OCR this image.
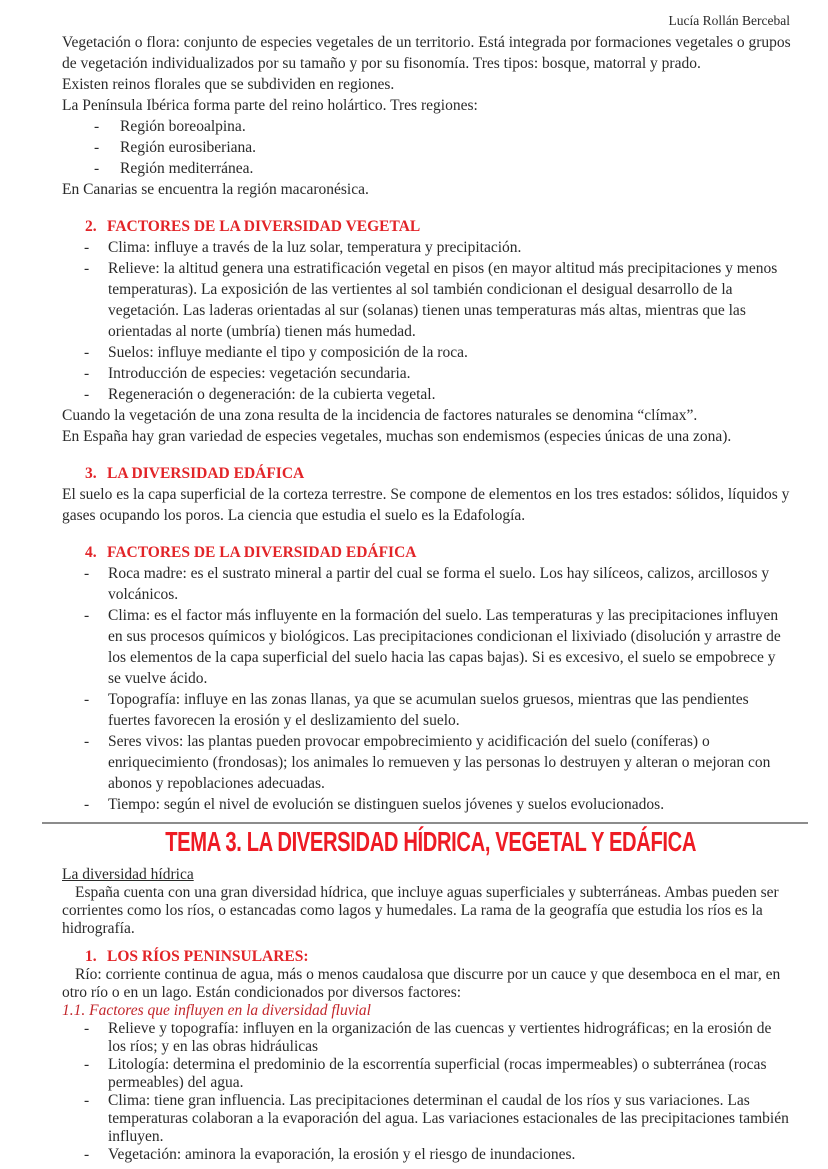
Lucía Rollán Bercebal

Vegetación o flora: conjunto de especies vegetales de un territorio. Está integrada por formaciones vegetales o grupos de vegetación individualizados por su tamaño y por su fisonomía. Tres tipos: bosque, matorral y prado.

Existen reinos florales que se subdividen en regiones.

La Península Ibérica forma parte del reino holártico. Tres regiones:

- Región boreoalpina.
- Región eurosiberiana.
- Región mediterránea.

En Canarias se encuentra la región macaronésica.

2. FACTORES DE LA DIVERSIDAD VEGETAL
- Clima: influye a través de la luz solar, temperatura y precipitación.
- Relieve: la altitud genera una estratificación vegetal en pisos (en mayor altitud más precipitaciones y menos temperaturas). La exposición de las vertientes al sol también condicionan el desigual desarrollo de la vegetación. Las laderas orientadas al sur (solanas) tienen unas temperaturas más altas, mientras que las orientadas al norte (umbría) tienen más humedad.
- Suelos: influye mediante el tipo y composición de la roca.
- Introducción de especies: vegetación secundaria.
- Regeneración o degeneración: de la cubierta vegetal.

Cuando la vegetación de una zona resulta de la incidencia de factores naturales se denomina “clímax”.

En España hay gran variedad de especies vegetales, muchas son endemismos (especies únicas de una zona).

3. LA DIVERSIDAD EDÁFICA

El suelo es la capa superficial de la corteza terrestre. Se compone de elementos en los tres estados: sólidos, líquidos y gases ocupando los poros. La ciencia que estudia el suelo es la Edafología.

4. FACTORES DE LA DIVERSIDAD EDÁFICA
- Roca madre: es el sustrato mineral a partir del cual se forma el suelo. Los hay silíceos, calizos, arcillosos y volcánicos.
- Clima: es el factor más influyente en la formación del suelo. Las temperaturas y las precipitaciones influyen en sus procesos químicos y biológicos. Las precipitaciones condicionan el lixiviado (disolución y arrastre de los elementos de la capa superficial del suelo hacia las capas bajas). Si es excesivo, el suelo se empobrece y se vuelve ácido.
- Topografía: influye en las zonas llanas, ya que se acumulan suelos gruesos, mientras que las pendientes fuertes favorecen la erosión y el deslizamiento del suelo.
- Seres vivos: las plantas pueden provocar empobrecimiento y acidificación del suelo (coníferas) o enriquecimiento (frondosas); los animales lo remueven y las personas lo destruyen y alteran o mejoran con abonos y repoblaciones adecuadas.
- Tiempo: según el nivel de evolución se distinguen suelos jóvenes y suelos evolucionados.
TEMA 3. LA DIVERSIDAD HÍDRICA, VEGETAL Y EDÁFICA
La diversidad hídrica

España cuenta con una gran diversidad hídrica, que incluye aguas superficiales y subterráneas. Ambas pueden ser corrientes como los ríos, o estancadas como lagos y humedales. La rama de la geografía que estudia los ríos es la hidrografía.

1. LOS RÍOS PENINSULARES:

Río: corriente continua de agua, más o menos caudalosa que discurre por un cauce y que desemboca en el mar, en otro río o en un lago. Están condicionados por diversos factores:

1.1. Factores que influyen en la diversidad fluvial
- Relieve y topografía: influyen en la organización de las cuencas y vertientes hidrográficas; en la erosión de los ríos; y en las obras hidráulicas
- Litología: determina el predominio de la escorrentía superficial (rocas impermeables) o subterránea (rocas permeables) del agua.
- Clima: tiene gran influencia. Las precipitaciones determinan el caudal de los ríos y sus variaciones. Las temperaturas colaboran a la evaporación del agua. Las variaciones estacionales de las precipitaciones también influyen.
- Vegetación: aminora la evaporación, la erosión y el riesgo de inundaciones.
